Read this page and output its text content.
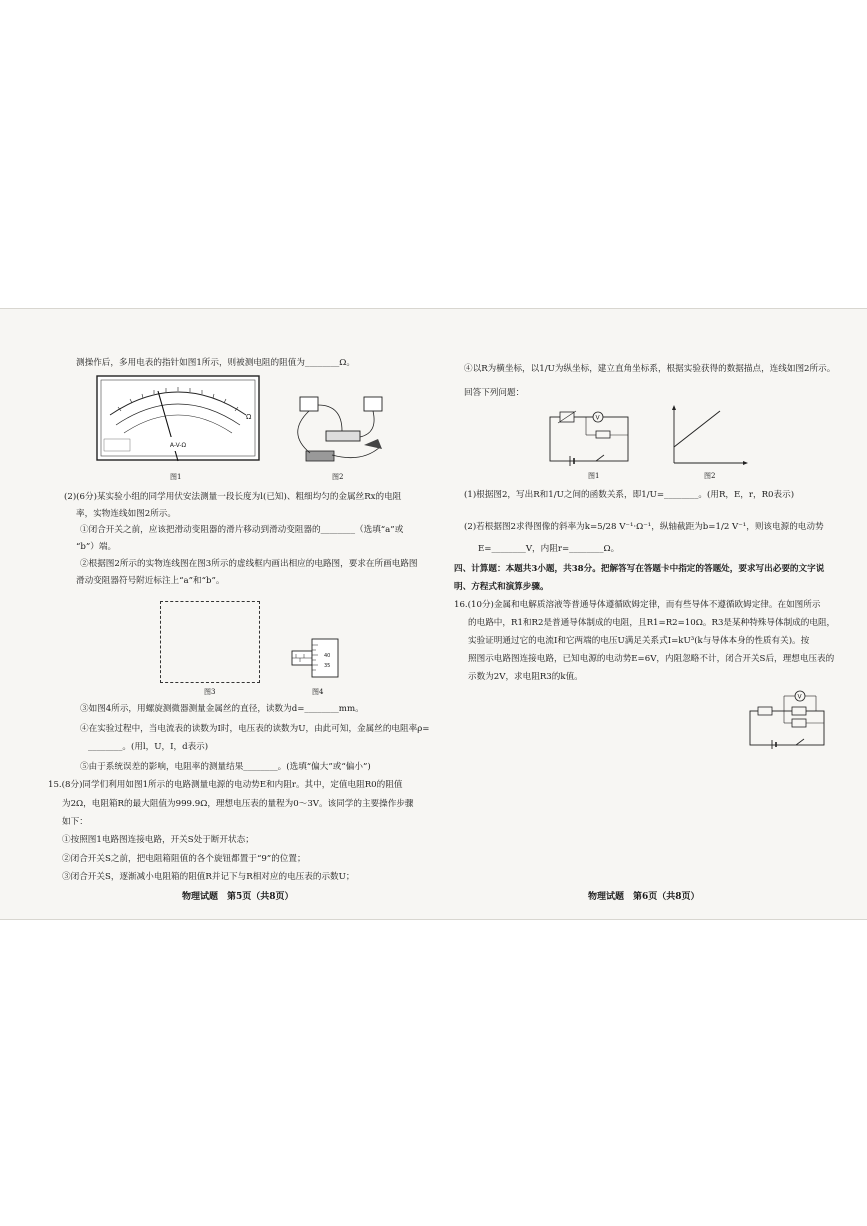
测操作后，多用电表的指针如图1所示，则被测电阻的阻值为________Ω。
A-V-Ω
Ω
图1	图2
(2)(6分)某实验小组的同学用伏安法测量一段长度为l(已知)、粗细均匀的金属丝Rx的电阻
率，实物连线如图2所示。
①闭合开关之前，应该把滑动变阻器的滑片移动到滑动变阻器的________（选填“a”或
“b”）端。
②根据图2所示的实物连线图在图3所示的虚线框内画出相应的电路图，要求在所画电路图
滑动变阻器符号附近标注上“a”和“b”。
图3
40
35
图4
③如图4所示，用螺旋测微器测量金属丝的直径，读数为d=________mm。
④在实验过程中，当电流表的读数为I时，电压表的读数为U，由此可知，金属丝的电阻率ρ=
________。(用l，U，I，d表示)
⑤由于系统误差的影响，电阻率的测量结果________。(选填“偏大”或“偏小”)
15.(8分)同学们利用如图1所示的电路测量电源的电动势E和内阻r。其中，定值电阻R0的阻值
为2Ω，电阻箱R的最大阻值为999.9Ω，理想电压表的量程为0～3V。该同学的主要操作步骤
如下：
①按照图1电路图连接电路，开关S处于断开状态；
②闭合开关S之前，把电阻箱阻值的各个旋钮都置于“9”的位置；
③闭合开关S，逐渐减小电阻箱的阻值R并记下与R相对应的电压表的示数U；
物理试题　第5页（共8页）
④以R为横坐标，以1/U为纵坐标，建立直角坐标系，根据实验获得的数据描点，连线如图2所示。
回答下列问题：
V
图1	图2
(1)根据图2，写出R和1/U之间的函数关系，即1/U=________。(用R，E，r，R0表示)
(2)若根据图2求得图像的斜率为k=5/28 V⁻¹·Ω⁻¹，纵轴截距为b=1/2 V⁻¹，则该电源的电动势
E=________V，内阻r=________Ω。
四、计算题：本题共3小题，共38分。把解答写在答题卡中指定的答题处，要求写出必要的文字说
明、方程式和演算步骤。
16.(10分)金属和电解质溶液等普通导体遵循欧姆定律，而有些导体不遵循欧姆定律。在如图所示
的电路中，R1和R2是普通导体制成的电阻，且R1=R2=10Ω。R3是某种特殊导体制成的电阻，
实验证明通过它的电流I和它两端的电压U满足关系式I=kU³(k与导体本身的性质有关)。按
照图示电路图连接电路，已知电源的电动势E=6V，内阻忽略不计，闭合开关S后，理想电压表的
示数为2V，求电阻R3的k值。
V
物理试题　第6页（共8页）
